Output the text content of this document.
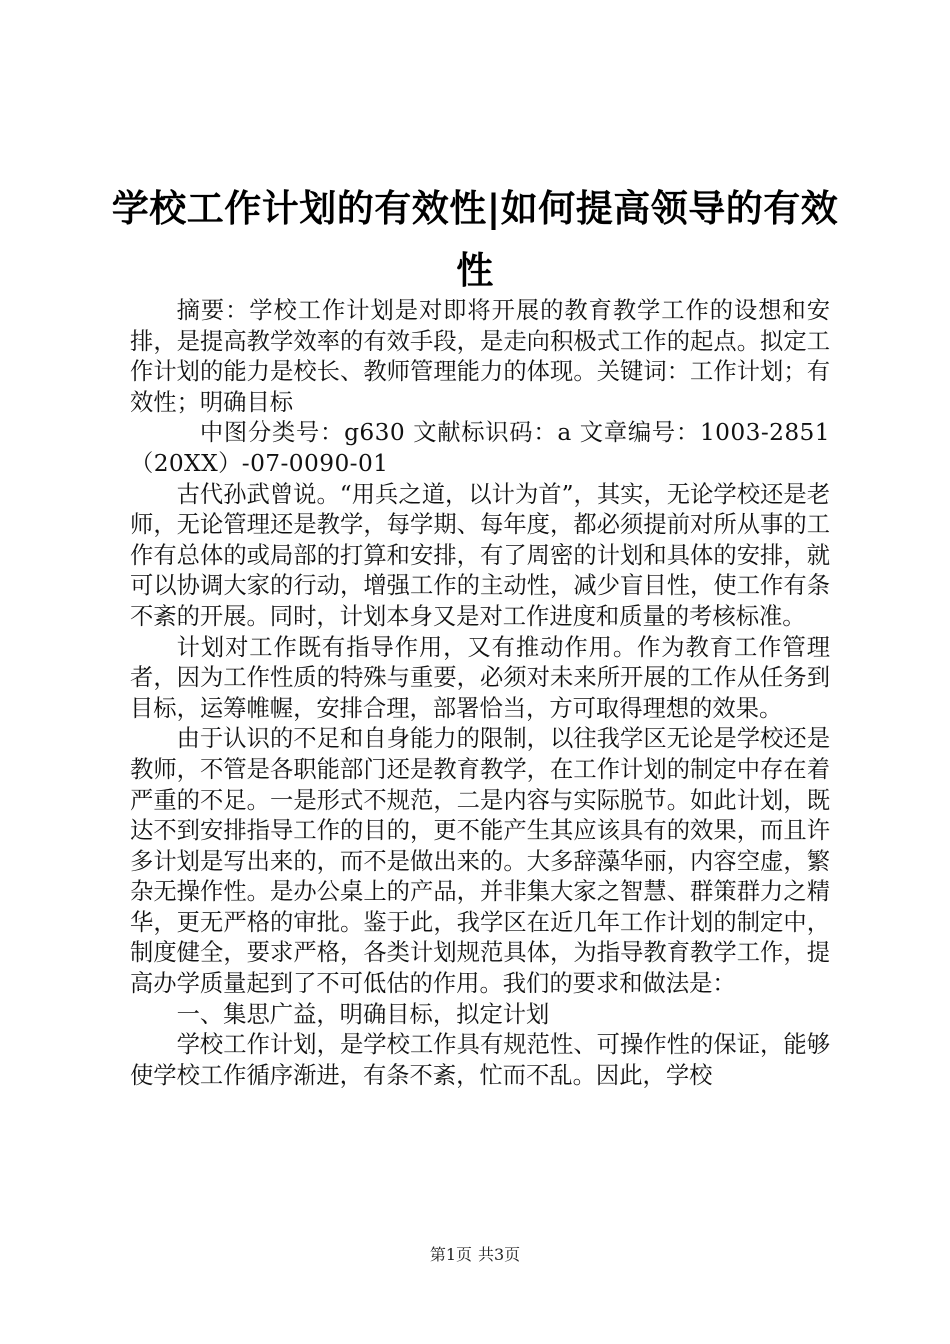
学校工作计划的有效性|如何提高领导的有效性

摘要：学校工作计划是对即将开展的教育教学工作的设想和安排，是提高教学效率的有效手段，是走向积极式工作的起点。拟定工作计划的能力是校长、教师管理能力的体现。关键词：工作计划；有效性；明确目标

中图分类号：g630 文献标识码：a 文章编号：1003-2851（20XX）-07-0090-01

古代孙武曾说。“用兵之道，以计为首”，其实，无论学校还是老师，无论管理还是教学，每学期、每年度，都必须提前对所从事的工作有总体的或局部的打算和安排，有了周密的计划和具体的安排，就可以协调大家的行动，增强工作的主动性，减少盲目性，使工作有条不紊的开展。同时，计划本身又是对工作进度和质量的考核标准。

计划对工作既有指导作用，又有推动作用。作为教育工作管理者，因为工作性质的特殊与重要，必须对未来所开展的工作从任务到目标，运筹帷幄，安排合理，部署恰当，方可取得理想的效果。

由于认识的不足和自身能力的限制，以往我学区无论是学校还是教师，不管是各职能部门还是教育教学，在工作计划的制定中存在着严重的不足。一是形式不规范，二是内容与实际脱节。如此计划，既达不到安排指导工作的目的，更不能产生其应该具有的效果，而且许多计划是写出来的，而不是做出来的。大多辞藻华丽，内容空虚，繁杂无操作性。是办公桌上的产品，并非集大家之智慧、群策群力之精华，更无严格的审批。鉴于此，我学区在近几年工作计划的制定中，制度健全，要求严格，各类计划规范具体，为指导教育教学工作，提高办学质量起到了不可低估的作用。我们的要求和做法是：

一、集思广益，明确目标，拟定计划

学校工作计划，是学校工作具有规范性、可操作性的保证，能够使学校工作循序渐进，有条不紊，忙而不乱。因此，学校

第1页 共3页
